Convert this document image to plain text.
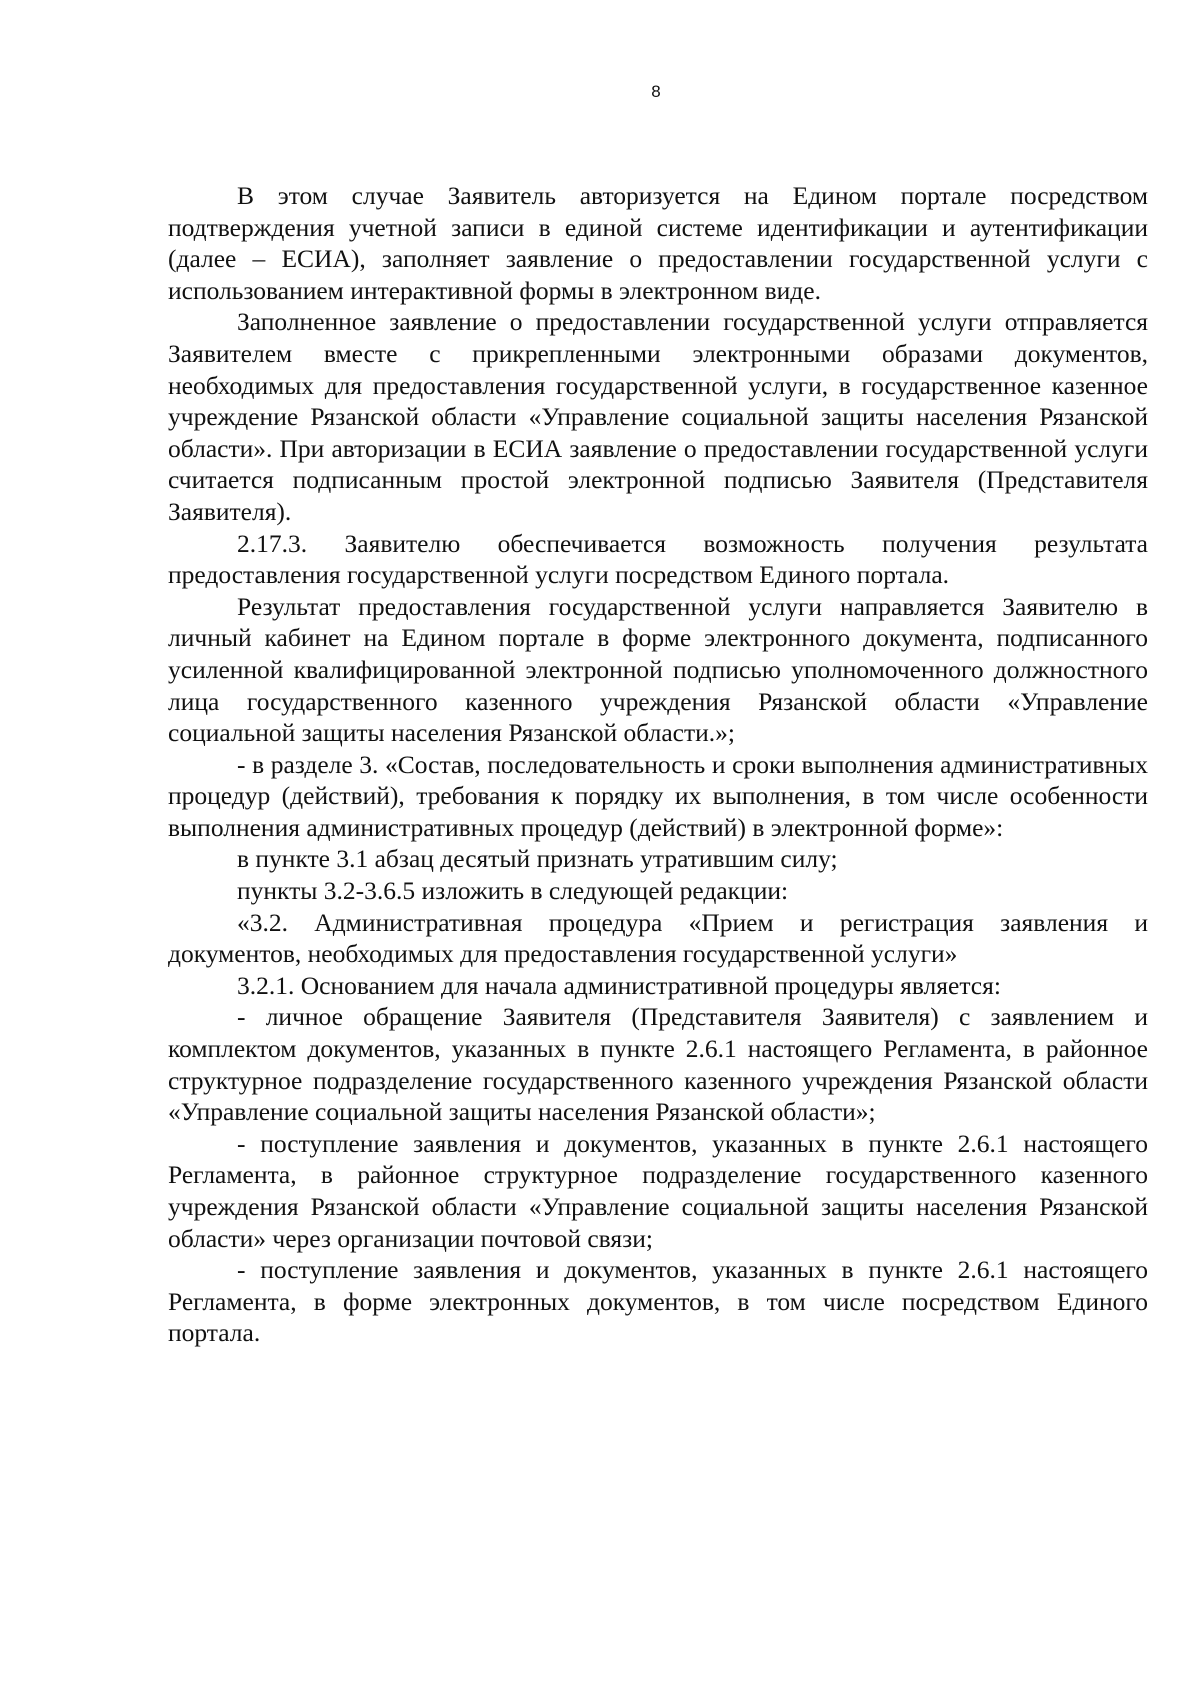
8

В этом случае Заявитель авторизуется на Едином портале посредством подтверждения учетной записи в единой системе идентификации и аутентификации (далее – ЕСИА), заполняет заявление о предоставлении государственной услуги с использованием интерактивной формы в электронном виде.

Заполненное заявление о предоставлении государственной услуги отправляется Заявителем вместе с прикрепленными электронными образами документов, необходимых для предоставления государственной услуги, в государственное казенное учреждение Рязанской области «Управление социальной защиты населения Рязанской области». При авторизации в ЕСИА заявление о предоставлении государственной услуги считается подписанным простой электронной подписью Заявителя (Представителя Заявителя).

2.17.3. Заявителю обеспечивается возможность получения результата предоставления государственной услуги посредством Единого портала.

Результат предоставления государственной услуги направляется Заявителю в личный кабинет на Едином портале в форме электронного документа, подписанного усиленной квалифицированной электронной подписью уполномоченного должностного лица государственного казенного учреждения Рязанской области «Управление социальной защиты населения Рязанской области.»;

- в разделе 3. «Состав, последовательность и сроки выполнения административных процедур (действий), требования к порядку их выполнения, в том числе особенности выполнения административных процедур (действий) в электронной форме»:

в пункте 3.1 абзац десятый признать утратившим силу;

пункты 3.2-3.6.5 изложить в следующей редакции:

«3.2. Административная процедура «Прием и регистрация заявления и документов, необходимых для предоставления государственной услуги»

3.2.1. Основанием для начала административной процедуры является:

- личное обращение Заявителя (Представителя Заявителя) с заявлением и комплектом документов, указанных в пункте 2.6.1 настоящего Регламента, в районное структурное подразделение государственного казенного учреждения Рязанской области «Управление социальной защиты населения Рязанской области»;

- поступление заявления и документов, указанных в пункте 2.6.1 настоящего Регламента, в районное структурное подразделение государственного казенного учреждения Рязанской области «Управление социальной защиты населения Рязанской области» через организации почтовой связи;

- поступление заявления и документов, указанных в пункте 2.6.1 настоящего Регламента, в форме электронных документов, в том числе посредством Единого портала.
